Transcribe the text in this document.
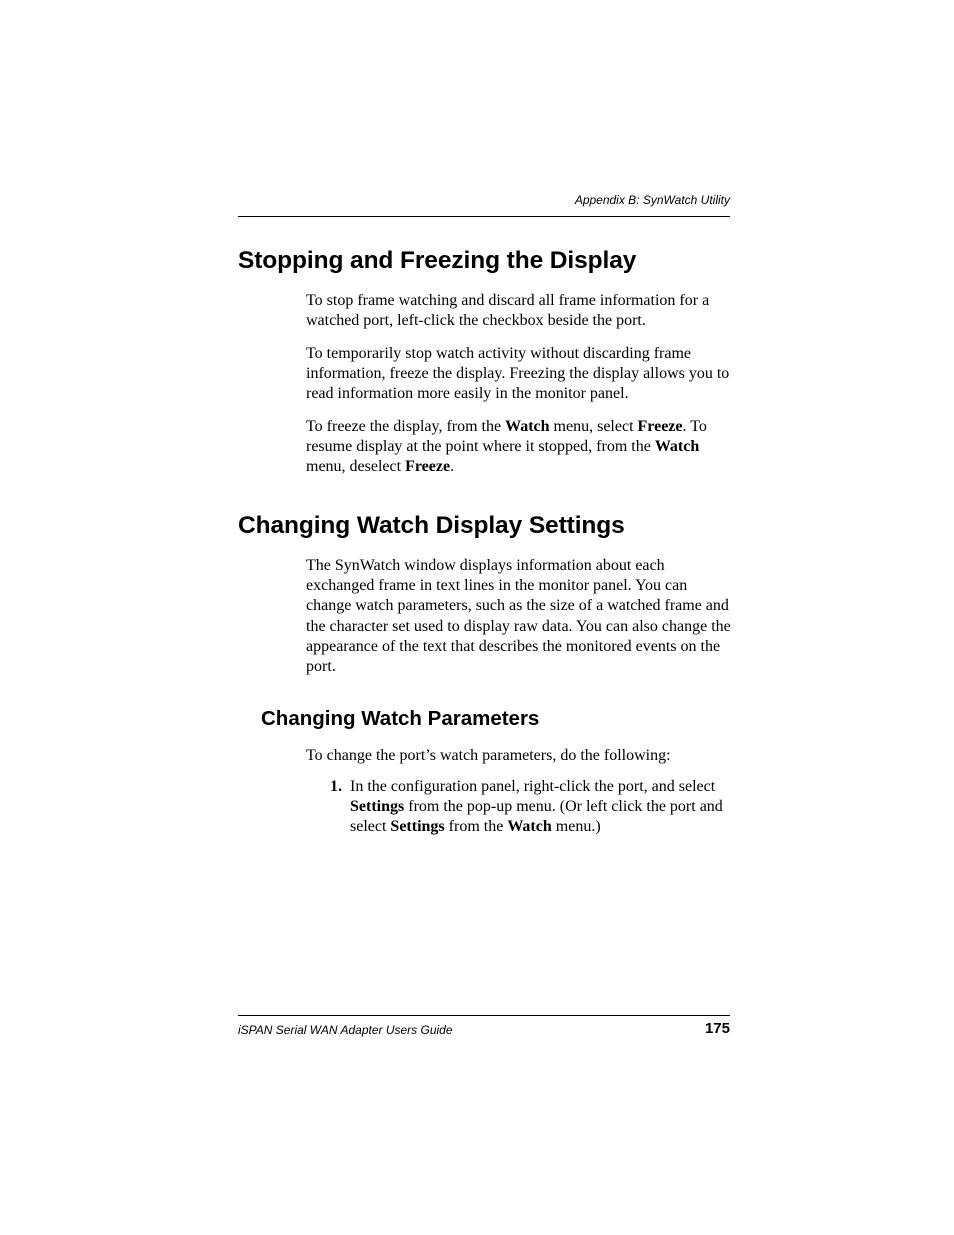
Appendix B: SynWatch Utility
Stopping and Freezing the Display

To stop frame watching and discard all frame information for a watched port, left-click the checkbox beside the port.

To temporarily stop watch activity without discarding frame information, freeze the display. Freezing the display allows you to read information more easily in the monitor panel.

To freeze the display, from the Watch menu, select Freeze. To resume display at the point where it stopped, from the Watch menu, deselect Freeze.

Changing Watch Display Settings

The SynWatch window displays information about each exchanged frame in text lines in the monitor panel. You can change watch parameters, such as the size of a watched frame and the character set used to display raw data. You can also change the appearance of the text that describes the monitored events on the port.

Changing Watch Parameters

To change the port’s watch parameters, do the following:

1. In the configuration panel, right-click the port, and select Settings from the pop-up menu. (Or left click the port and select Settings from the Watch menu.)

iSPAN Serial WAN Adapter Users Guide	175
